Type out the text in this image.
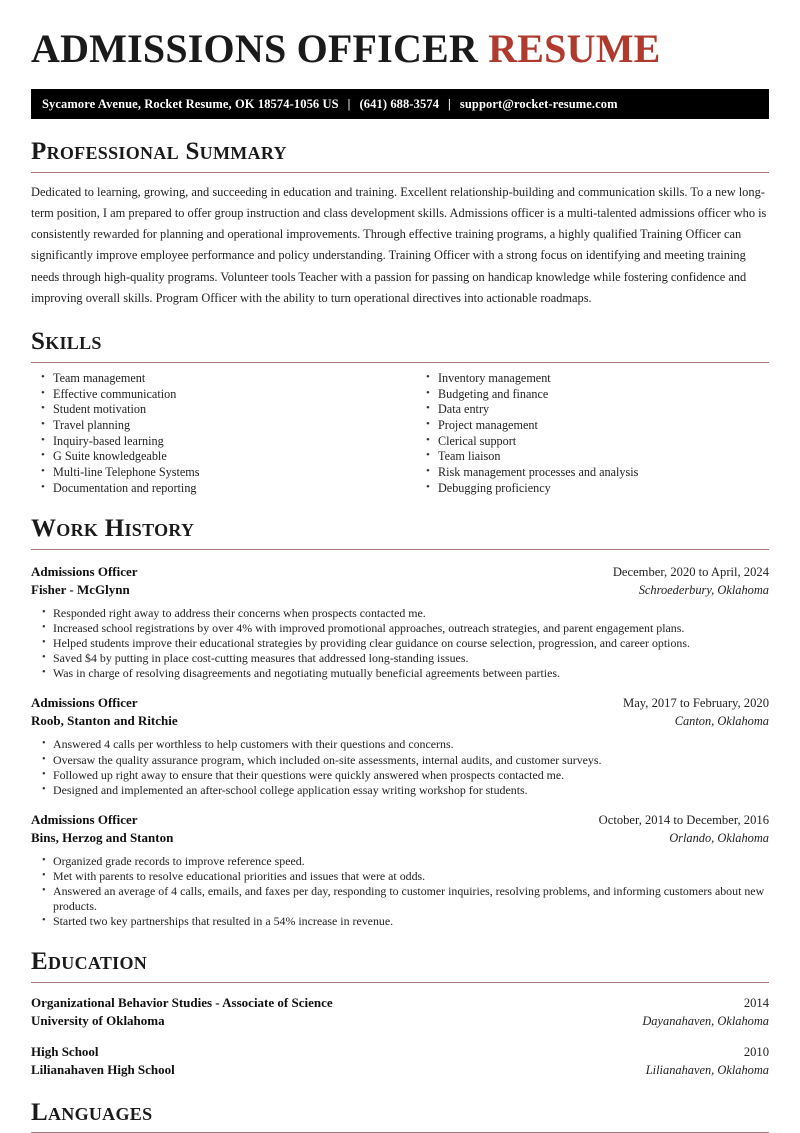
ADMISSIONS OFFICER RESUME
Sycamore Avenue, Rocket Resume, OK 18574-1056 US | (641) 688-3574 | support@rocket-resume.com
Professional Summary

Dedicated to learning, growing, and succeeding in education and training. Excellent relationship-building and communication skills. To a new long-term position, I am prepared to offer group instruction and class development skills. Admissions officer is a multi-talented admissions officer who is consistently rewarded for planning and operational improvements. Through effective training programs, a highly qualified Training Officer can significantly improve employee performance and policy understanding. Training Officer with a strong focus on identifying and meeting training needs through high-quality programs. Volunteer tools Teacher with a passion for passing on handicap knowledge while fostering confidence and improving overall skills. Program Officer with the ability to turn operational directives into actionable roadmaps.

Skills
• Team management
• Effective communication
• Student motivation
• Travel planning
• Inquiry-based learning
• G Suite knowledgeable
• Multi-line Telephone Systems
• Documentation and reporting
• Inventory management
• Budgeting and finance
• Data entry
• Project management
• Clerical support
• Team liaison
• Risk management processes and analysis
• Debugging proficiency
Work History
Admissions Officer	December, 2020 to April, 2024
Fisher - McGlynn	Schroederbury, Oklahoma
• Responded right away to address their concerns when prospects contacted me.
• Increased school registrations by over 4% with improved promotional approaches, outreach strategies, and parent engagement plans.
• Helped students improve their educational strategies by providing clear guidance on course selection, progression, and career options.
• Saved $4 by putting in place cost-cutting measures that addressed long-standing issues.
• Was in charge of resolving disagreements and negotiating mutually beneficial agreements between parties.
Admissions Officer	May, 2017 to February, 2020
Roob, Stanton and Ritchie	Canton, Oklahoma
• Answered 4 calls per worthless to help customers with their questions and concerns.
• Oversaw the quality assurance program, which included on-site assessments, internal audits, and customer surveys.
• Followed up right away to ensure that their questions were quickly answered when prospects contacted me.
• Designed and implemented an after-school college application essay writing workshop for students.
Admissions Officer	October, 2014 to December, 2016
Bins, Herzog and Stanton	Orlando, Oklahoma
• Organized grade records to improve reference speed.
• Met with parents to resolve educational priorities and issues that were at odds.
• Answered an average of 4 calls, emails, and faxes per day, responding to customer inquiries, resolving problems, and informing customers about new products.
• Started two key partnerships that resulted in a 54% increase in revenue.
Education
Organizational Behavior Studies - Associate of Science	2014
University of Oklahoma	Dayanahaven, Oklahoma
High School	2010
Lilianahaven High School	Lilianahaven, Oklahoma
Languages
